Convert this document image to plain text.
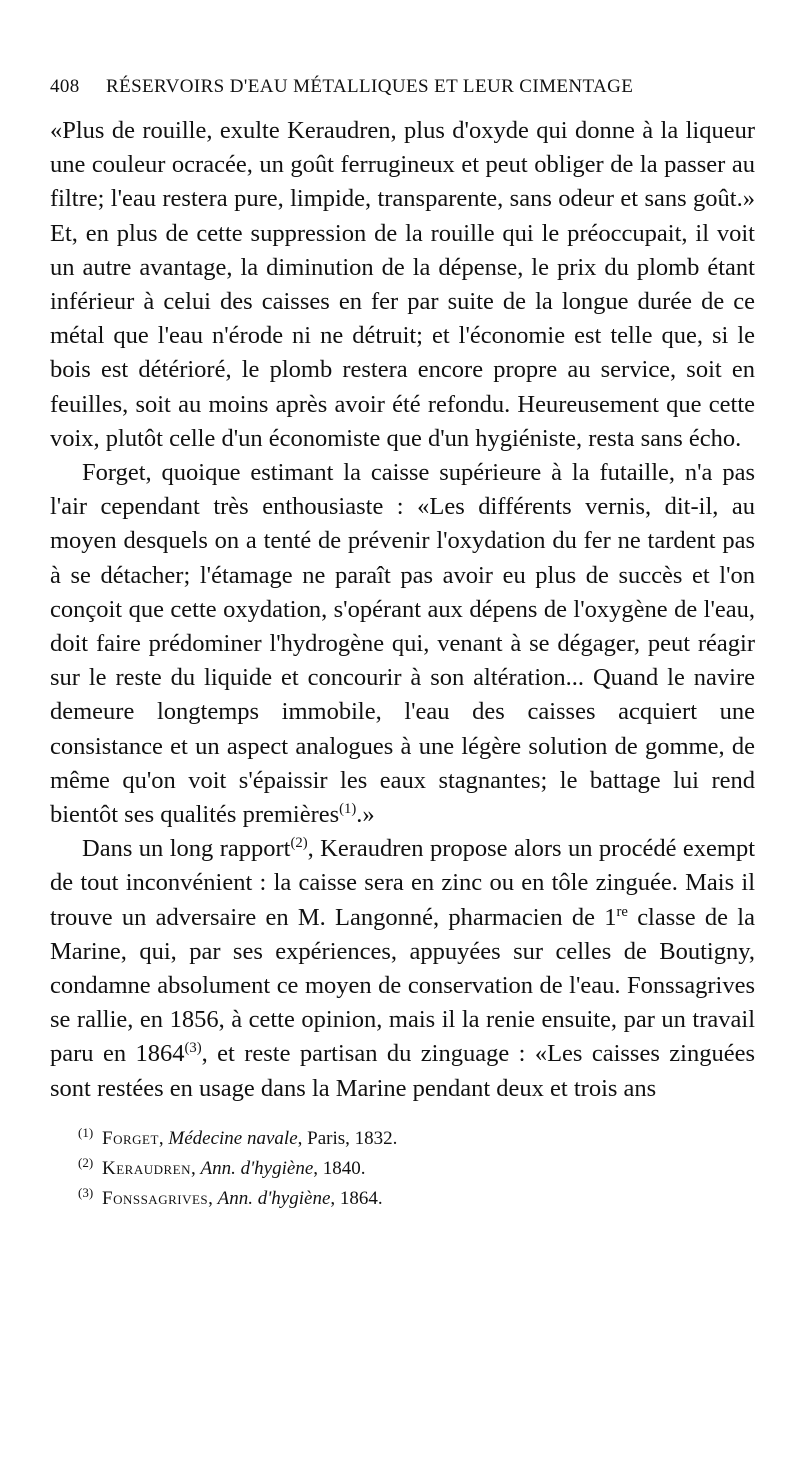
408	RÉSERVOIRS D'EAU MÉTALLIQUES ET LEUR CIMENTAGE

«Plus de rouille, exulte Keraudren, plus d'oxyde qui donne à la liqueur une couleur ocracée, un goût ferrugineux et peut obliger de la passer au filtre; l'eau restera pure, limpide, transparente, sans odeur et sans goût.» Et, en plus de cette suppression de la rouille qui le préoccupait, il voit un autre avantage, la diminution de la dépense, le prix du plomb étant inférieur à celui des caisses en fer par suite de la longue durée de ce métal que l'eau n'érode ni ne détruit; et l'économie est telle que, si le bois est détérioré, le plomb restera encore propre au service, soit en feuilles, soit au moins après avoir été refondu. Heureusement que cette voix, plutôt celle d'un économiste que d'un hygiéniste, resta sans écho.

Forget, quoique estimant la caisse supérieure à la futaille, n'a pas l'air cependant très enthousiaste : «Les différents vernis, dit-il, au moyen desquels on a tenté de prévenir l'oxydation du fer ne tardent pas à se détacher; l'étamage ne paraît pas avoir eu plus de succès et l'on conçoit que cette oxydation, s'opérant aux dépens de l'oxygène de l'eau, doit faire prédominer l'hydrogène qui, venant à se dégager, peut réagir sur le reste du liquide et concourir à son altération... Quand le navire demeure longtemps immobile, l'eau des caisses acquiert une consistance et un aspect analogues à une légère solution de gomme, de même qu'on voit s'épaissir les eaux stagnantes; le battage lui rend bientôt ses qualités premières$^{(1)}$.»

Dans un long rapport$^{(2)}$, Keraudren propose alors un procédé exempt de tout inconvénient : la caisse sera en zinc ou en tôle zinguée. Mais il trouve un adversaire en M. Langonné, pharmacien de 1re classe de la Marine, qui, par ses expériences, appuyées sur celles de Boutigny, condamne absolument ce moyen de conservation de l'eau. Fonssagrives se rallie, en 1856, à cette opinion, mais il la renie ensuite, par un travail paru en 1864$^{(3)}$, et reste partisan du zinguage : «Les caisses zinguées sont restées en usage dans la Marine pendant deux et trois ans

(1) Forget, Médecine navale, Paris, 1832.
(2) Keraudren, Ann. d'hygiène, 1840.
(3) Fonssagrives, Ann. d'hygiène, 1864.
